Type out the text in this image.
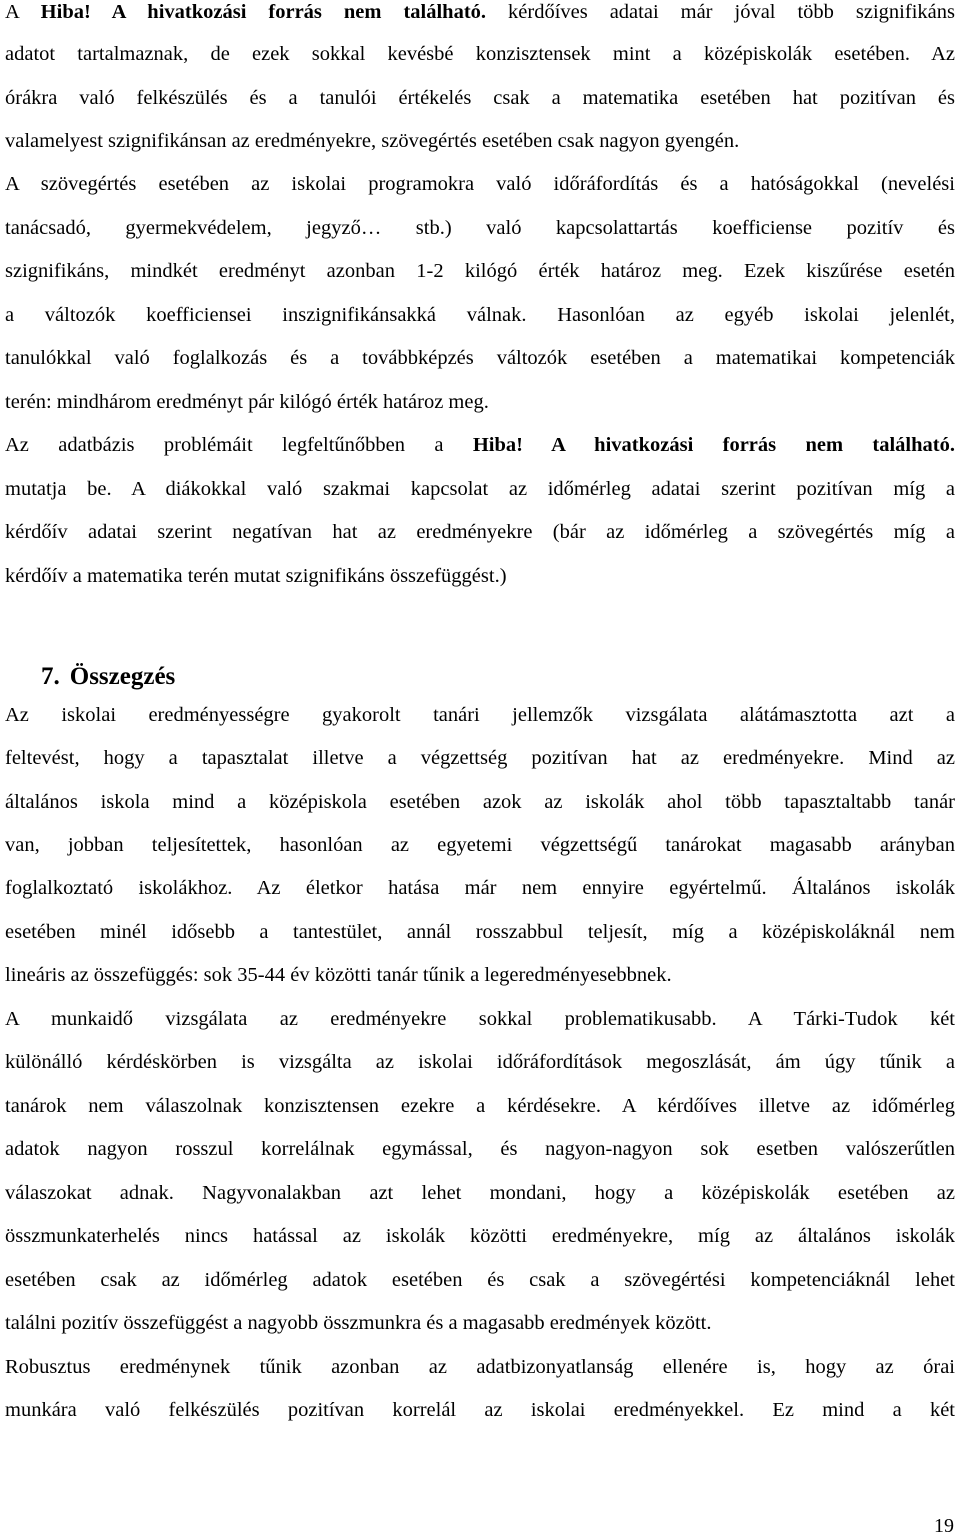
A Hiba! A hivatkozási forrás nem található. kérdőíves adatai már jóval több szignifikáns
adatot tartalmaznak, de ezek sokkal kevésbé konzisztensek mint a középiskolák esetében. Az
órákra való felkészülés és a tanulói értékelés csak a matematika esetében hat pozitívan és
valamelyest szignifikánsan az eredményekre, szövegértés esetében csak nagyon gyengén.
A szövegértés esetében az iskolai programokra való időráfordítás és a hatóságokkal (nevelési
tanácsadó, gyermekvédelem, jegyző… stb.) való kapcsolattartás koefficiense pozitív és
szignifikáns, mindkét eredményt azonban 1-2 kilógó érték határoz meg. Ezek kiszűrése esetén
a változók koefficiensei inszignifikánsakká válnak. Hasonlóan az egyéb iskolai jelenlét,
tanulókkal való foglalkozás és a továbbképzés változók esetében a matematikai kompetenciák
terén: mindhárom eredményt pár kilógó érték határoz meg.
Az adatbázis problémáit legfeltűnőbben a Hiba! A hivatkozási forrás nem található.
mutatja be. A diákokkal való szakmai kapcsolat az időmérleg adatai szerint pozitívan míg a
kérdőív adatai szerint negatívan hat az eredményekre (bár az időmérleg a szövegértés míg a
kérdőív a matematika terén mutat szignifikáns összefüggést.)
7. Összegzés
Az iskolai eredményességre gyakorolt tanári jellemzők vizsgálata alátámasztotta azt a
feltevést, hogy a tapasztalat illetve a végzettség pozitívan hat az eredményekre. Mind az
általános iskola mind a középiskola esetében azok az iskolák ahol több tapasztaltabb tanár
van, jobban teljesítettek, hasonlóan az egyetemi végzettségű tanárokat magasabb arányban
foglalkoztató iskolákhoz. Az életkor hatása már nem ennyire egyértelmű. Általános iskolák
esetében minél idősebb a tantestület, annál rosszabbul teljesít, míg a középiskoláknál nem
lineáris az összefüggés: sok 35-44 év közötti tanár tűnik a legeredményesebbnek.
A munkaidő vizsgálata az eredményekre sokkal problematikusabb. A Tárki-Tudok két
különálló kérdéskörben is vizsgálta az iskolai időráfordítások megoszlását, ám úgy tűnik a
tanárok nem válaszolnak konzisztensen ezekre a kérdésekre. A kérdőíves illetve az időmérleg
adatok nagyon rosszul korrelálnak egymással, és nagyon-nagyon sok esetben valószerűtlen
válaszokat adnak. Nagyvonalakban azt lehet mondani, hogy a középiskolák esetében az
összmunkaterhelés nincs hatással az iskolák közötti eredményekre, míg az általános iskolák
esetében csak az időmérleg adatok esetében és csak a szövegértési kompetenciáknál lehet
találni pozitív összefüggést a nagyobb összmunkra és a magasabb eredmények között.
Robusztus eredménynek tűnik azonban az adatbizonyatlanság ellenére is, hogy az órai
munkára való felkészülés pozitívan korrelál az iskolai eredményekkel. Ez mind a két
19
